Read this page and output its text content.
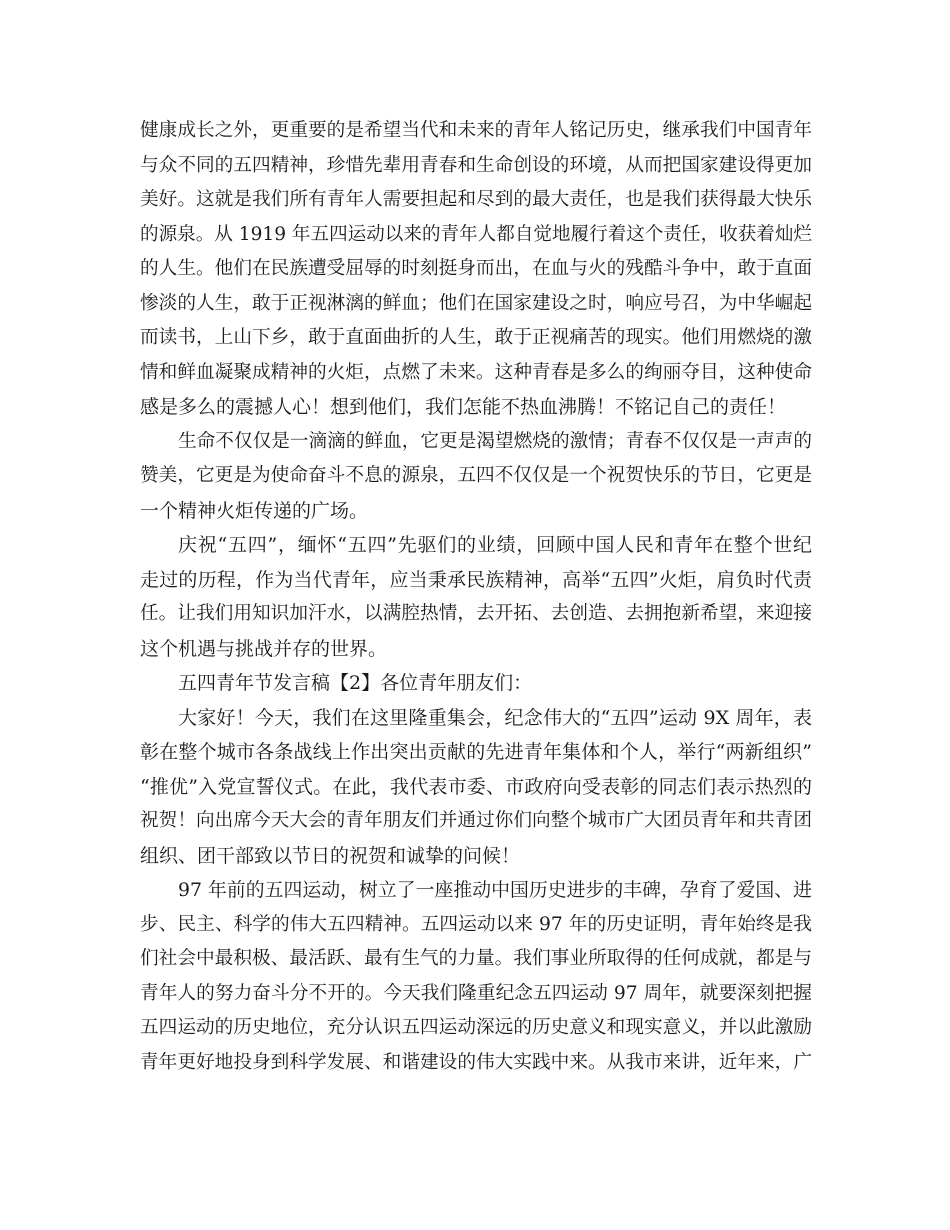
健康成长之外，更重要的是希望当代和未来的青年人铭记历史，继承我们中国青年
与众不同的五四精神，珍惜先辈用青春和生命创设的环境，从而把国家建设得更加
美好。这就是我们所有青年人需要担起和尽到的最大责任，也是我们获得最大快乐
的源泉。从 1919 年五四运动以来的青年人都自觉地履行着这个责任，收获着灿烂
的人生。他们在民族遭受屈辱的时刻挺身而出，在血与火的残酷斗争中，敢于直面
惨淡的人生，敢于正视淋漓的鲜血；他们在国家建设之时，响应号召，为中华崛起
而读书，上山下乡，敢于直面曲折的人生，敢于正视痛苦的现实。他们用燃烧的激
情和鲜血凝聚成精神的火炬，点燃了未来。这种青春是多么的绚丽夺目，这种使命
感是多么的震撼人心！想到他们，我们怎能不热血沸腾！不铭记自己的责任！
生命不仅仅是一滴滴的鲜血，它更是渴望燃烧的激情；青春不仅仅是一声声的
赞美，它更是为使命奋斗不息的源泉，五四不仅仅是一个祝贺快乐的节日，它更是
一个精神火炬传递的广场。
庆祝“五四”，缅怀“五四”先驱们的业绩，回顾中国人民和青年在整个世纪
走过的历程，作为当代青年，应当秉承民族精神，高举“五四”火炬，肩负时代责
任。让我们用知识加汗水，以满腔热情，去开拓、去创造、去拥抱新希望，来迎接
这个机遇与挑战并存的世界。
五四青年节发言稿【2】各位青年朋友们：
大家好！今天，我们在这里隆重集会，纪念伟大的“五四”运动 9X 周年，表
彰在整个城市各条战线上作出突出贡献的先进青年集体和个人，举行“两新组织”
“推优”入党宣誓仪式。在此，我代表市委、市政府向受表彰的同志们表示热烈的
祝贺！向出席今天大会的青年朋友们并通过你们向整个城市广大团员青年和共青团
组织、团干部致以节日的祝贺和诚挚的问候！
97 年前的五四运动，树立了一座推动中国历史进步的丰碑，孕育了爱国、进
步、民主、科学的伟大五四精神。五四运动以来 97 年的历史证明，青年始终是我
们社会中最积极、最活跃、最有生气的力量。我们事业所取得的任何成就，都是与
青年人的努力奋斗分不开的。今天我们隆重纪念五四运动 97 周年，就要深刻把握
五四运动的历史地位，充分认识五四运动深远的历史意义和现实意义，并以此激励
青年更好地投身到科学发展、和谐建设的伟大实践中来。从我市来讲，近年来，广
